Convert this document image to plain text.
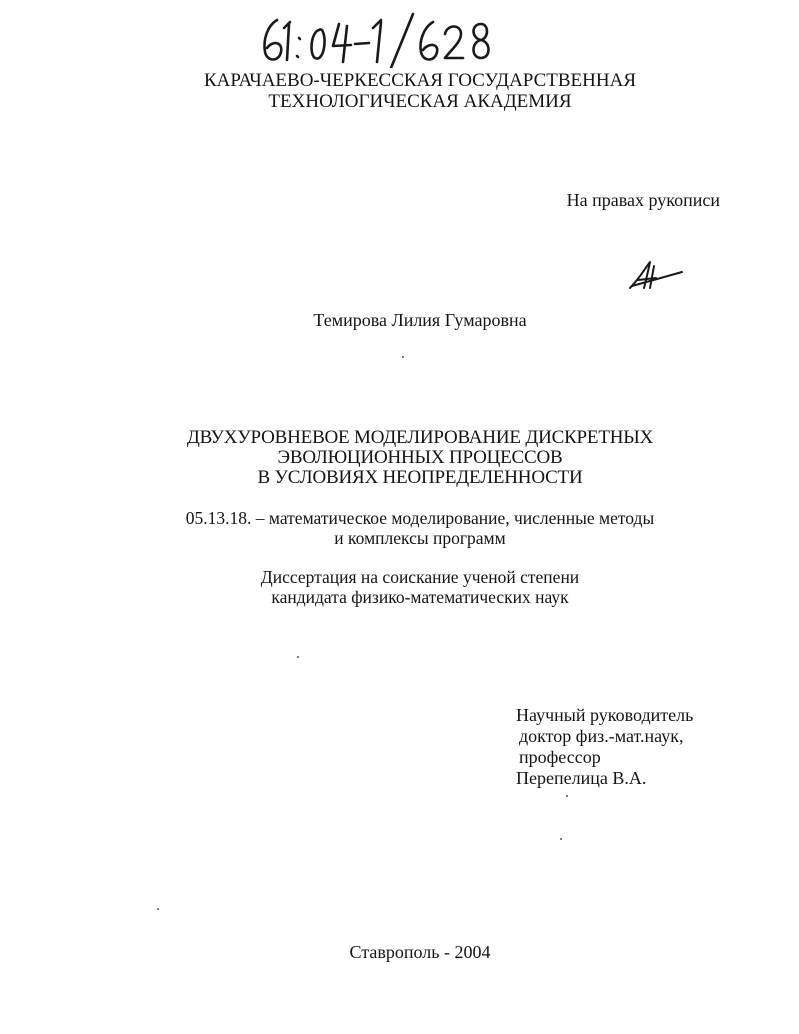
КАРАЧАЕВО-ЧЕРКЕССКАЯ ГОСУДАРСТВЕННАЯ
ТЕХНОЛОГИЧЕСКАЯ АКАДЕМИЯ
На правах рукописи
Темирова Лилия Гумаровна
ДВУХУРОВНЕВОЕ МОДЕЛИРОВАНИЕ ДИСКРЕТНЫХ
ЭВОЛЮЦИОННЫХ ПРОЦЕССОВ
В УСЛОВИЯХ НЕОПРЕДЕЛЕННОСТИ
05.13.18. – математическое моделирование, численные методы
и комплексы программ
Диссертация на соискание ученой степени
кандидата физико-математических наук
Научный руководитель
доктор физ.-мат.наук,
профессор
Перепелица В.А.
Ставрополь - 2004
